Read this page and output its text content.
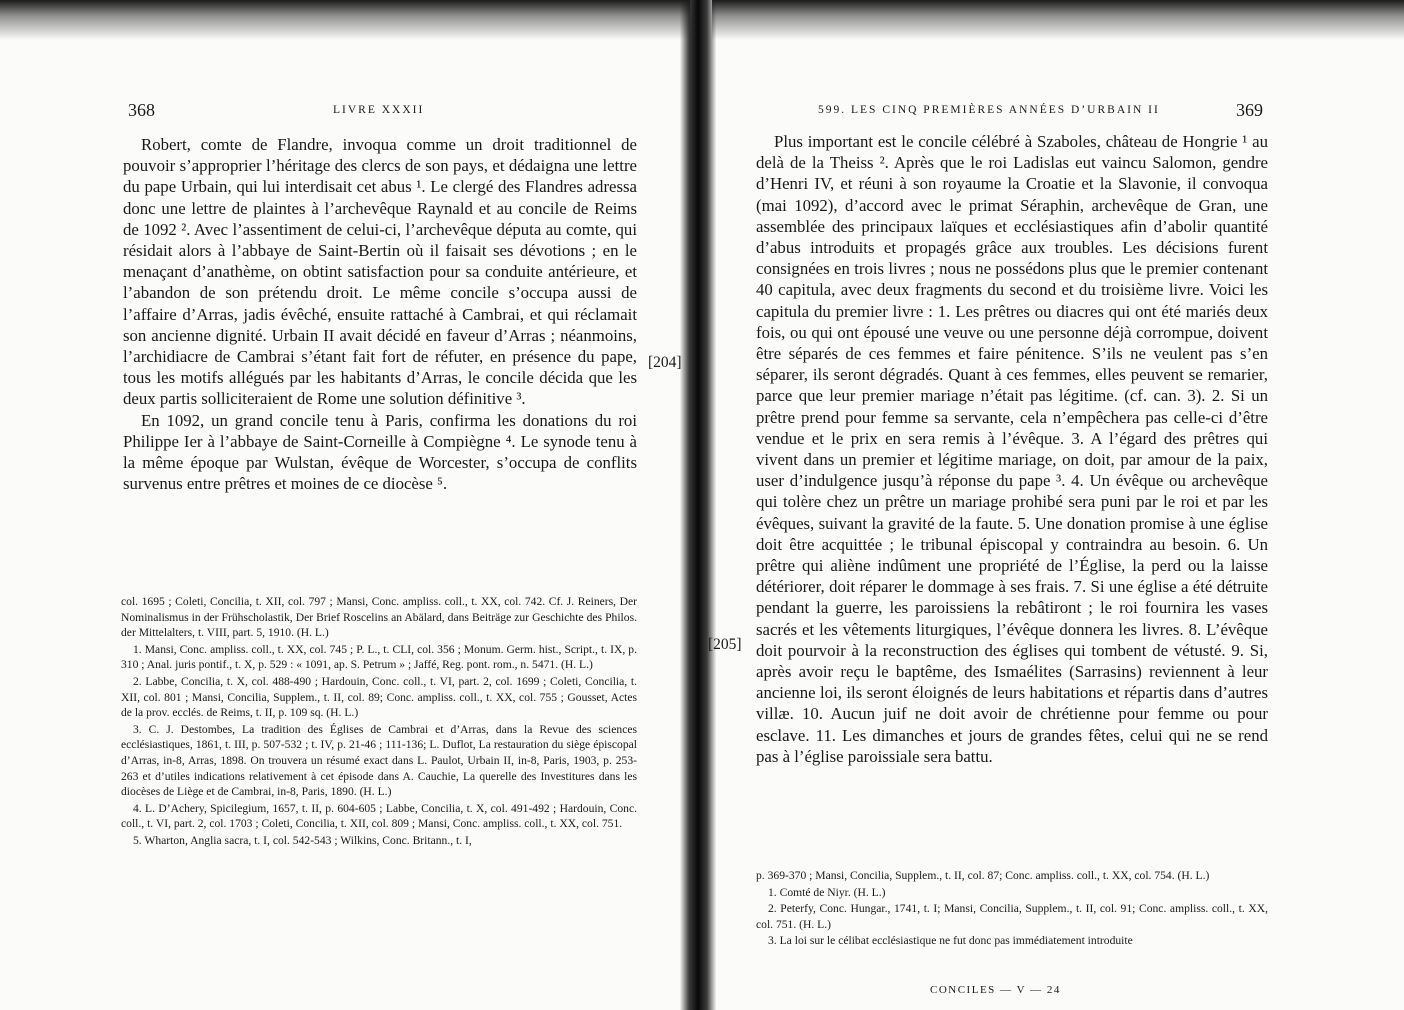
368	LIVRE XXXII

Robert, comte de Flandre, invoqua comme un droit traditionnel de pouvoir s’approprier l’héritage des clercs de son pays, et dédaigna une lettre du pape Urbain, qui lui interdisait cet abus ¹. Le clergé des Flandres adressa donc une lettre de plaintes à l’archevêque Raynald et au concile de Reims de 1092 ². Avec l’assentiment de celui-ci, l’archevêque députa au comte, qui résidait alors à l’abbaye de Saint-Bertin où il faisait ses dévotions ; en le menaçant d’anathème, on obtint satisfaction pour sa conduite antérieure, et l’abandon de son prétendu droit. Le même concile s’occupa aussi de l’affaire d’Arras, jadis évêché, ensuite rattaché à Cambrai, et qui réclamait son ancienne dignité. Urbain II avait décidé en faveur d’Arras ; néanmoins, l’archidiacre de Cambrai s’étant fait fort de réfuter, en présence du pape, tous les motifs allégués par les habitants d’Arras, le concile décida que les deux partis solliciteraient de Rome une solution définitive ³.

En 1092, un grand concile tenu à Paris, confirma les donations du roi Philippe Ier à l’abbaye de Saint-Corneille à Compiègne ⁴. Le synode tenu à la même époque par Wulstan, évêque de Worcester, s’occupa de conflits survenus entre prêtres et moines de ce diocèse ⁵.

col. 1695 ; Coleti, Concilia, t. XII, col. 797 ; Mansi, Conc. ampliss. coll., t. XX, col. 742. Cf. J. Reiners, Der Nominalismus in der Frühscholastik, Der Brief Roscelins an Abälard, dans Beiträge zur Geschichte des Philos. der Mittelalters, t. VIII, part. 5, 1910. (H. L.)

1. Mansi, Conc. ampliss. coll., t. XX, col. 745 ; P. L., t. CLI, col. 356 ; Monum. Germ. hist., Script., t. IX, p. 310 ; Anal. juris pontif., t. X, p. 529 : « 1091, ap. S. Petrum » ; Jaffé, Reg. pont. rom., n. 5471. (H. L.)

2. Labbe, Concilia, t. X, col. 488-490 ; Hardouin, Conc. coll., t. VI, part. 2, col. 1699 ; Coleti, Concilia, t. XII, col. 801 ; Mansi, Concilia, Supplem., t. II, col. 89; Conc. ampliss. coll., t. XX, col. 755 ; Gousset, Actes de la prov. ecclés. de Reims, t. II, p. 109 sq. (H. L.)

3. C. J. Destombes, La tradition des Églises de Cambrai et d’Arras, dans la Revue des sciences ecclésiastiques, 1861, t. III, p. 507-532 ; t. IV, p. 21-46 ; 111-136; L. Duflot, La restauration du siège épiscopal d’Arras, in-8, Arras, 1898. On trouvera un résumé exact dans L. Paulot, Urbain II, in-8, Paris, 1903, p. 253-263 et d’utiles indications relativement à cet épisode dans A. Cauchie, La querelle des Investitures dans les diocèses de Liège et de Cambrai, in-8, Paris, 1890. (H. L.)

4. L. D’Achery, Spicilegium, 1657, t. II, p. 604-605 ; Labbe, Concilia, t. X, col. 491-492 ; Hardouin, Conc. coll., t. VI, part. 2, col. 1703 ; Coleti, Concilia, t. XII, col. 809 ; Mansi, Conc. ampliss. coll., t. XX, col. 751.

5. Wharton, Anglia sacra, t. I, col. 542-543 ; Wilkins, Conc. Britann., t. I,

599. LES CINQ PREMIÈRES ANNÉES D’URBAIN II	369

Plus important est le concile célébré à Szaboles, château de Hongrie ¹ au delà de la Theiss ². Après que le roi Ladislas eut vaincu Salomon, gendre d’Henri IV, et réuni à son royaume la Croatie et la Slavonie, il convoqua (mai 1092), d’accord avec le primat Séraphin, archevêque de Gran, une assemblée des principaux laïques et ecclésiastiques afin d’abolir quantité d’abus introduits et propagés grâce aux troubles. Les décisions furent consignées en trois livres ; nous ne possédons plus que le premier contenant 40 capitula, avec deux fragments du second et du troisième livre. Voici les capitula du premier livre : 1. Les prêtres ou diacres qui ont été mariés deux fois, ou qui ont épousé une veuve ou une personne déjà corrompue, doivent être séparés de ces femmes et faire pénitence. S’ils ne veulent pas s’en séparer, ils seront dégradés. Quant à ces femmes, elles peuvent se remarier, parce que leur premier mariage n’était pas légitime. (cf. can. 3). 2. Si un prêtre prend pour femme sa servante, cela n’empêchera pas celle-ci d’être vendue et le prix en sera remis à l’évêque. 3. A l’égard des prêtres qui vivent dans un premier et légitime mariage, on doit, par amour de la paix, user d’indulgence jusqu’à réponse du pape ³. 4. Un évêque ou archevêque qui tolère chez un prêtre un mariage prohibé sera puni par le roi et par les évêques, suivant la gravité de la faute. 5. Une donation promise à une église doit être acquittée ; le tribunal épiscopal y contraindra au besoin. 6. Un prêtre qui aliène indûment une propriété de l’Église, la perd ou la laisse détériorer, doit réparer le dommage à ses frais. 7. Si une église a été détruite pendant la guerre, les paroissiens la rebâtiront ; le roi fournira les vases sacrés et les vêtements liturgiques, l’évêque donnera les livres. 8. L’évêque doit pourvoir à la reconstruction des églises qui tombent de vétusté. 9. Si, après avoir reçu le baptême, des Ismaélites (Sarrasins) reviennent à leur ancienne loi, ils seront éloignés de leurs habitations et répartis dans d’autres villæ. 10. Aucun juif ne doit avoir de chrétienne pour femme ou pour esclave. 11. Les dimanches et jours de grandes fêtes, celui qui ne se rend pas à l’église paroissiale sera battu.

p. 369-370 ; Mansi, Concilia, Supplem., t. II, col. 87; Conc. ampliss. coll., t. XX, col. 754. (H. L.)

1. Comté de Niyr. (H. L.)

2. Peterfy, Conc. Hungar., 1741, t. I; Mansi, Concilia, Supplem., t. II, col. 91; Conc. ampliss. coll., t. XX, col. 751. (H. L.)

3. La loi sur le célibat ecclésiastique ne fut donc pas immédiatement introduite

CONCILES — V — 24
[204]
[205]
